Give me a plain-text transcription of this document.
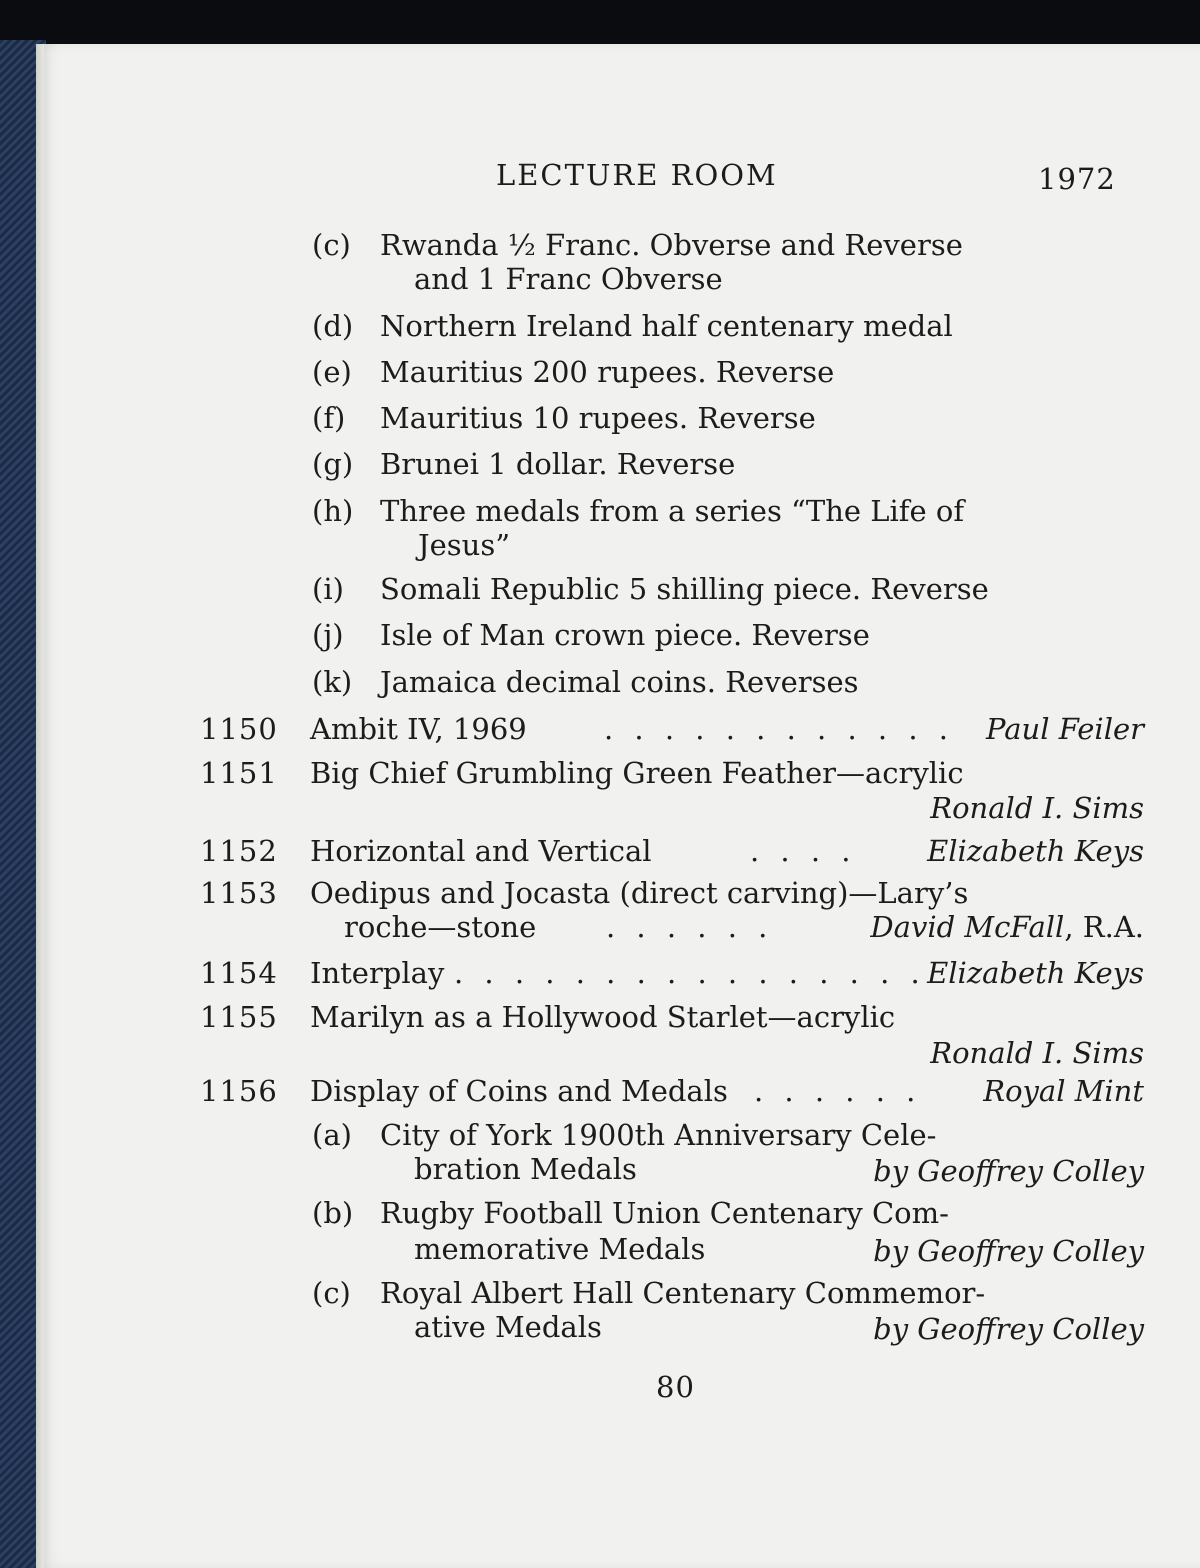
LECTURE ROOM	1972
(c) Rwanda ½ Franc. Obverse and Reverse
and 1 Franc Obverse
(d) Northern Ireland half centenary medal
(e) Mauritius 200 rupees. Reverse
(f) Mauritius 10 rupees. Reverse
(g) Brunei 1 dollar. Reverse
(h) Three medals from a series “The Life of
Jesus”
(i) Somali Republic 5 shilling piece. Reverse
(j) Isle of Man crown piece. Reverse
(k) Jamaica decimal coins. Reverses
1150 Ambit IV, 1969	. . . . . . . . . . . . Paul Feiler
1151 Big Chief Grumbling Green Feather—acrylic
Ronald I. Sims
1152 Horizontal and Vertical	. . . . Elizabeth Keys
1153 Oedipus and Jocasta (direct carving)—Lary’s
roche—stone . . . . . .	David McFall, R.A.
1154 Interplay . . . . . . . . . . . . . . . . Elizabeth Keys
1155 Marilyn as a Hollywood Starlet—acrylic
Ronald I. Sims
1156 Display of Coins and Medals . . . . . . Royal Mint
(a) City of York 1900th Anniversary Cele-
bration Medals	by Geoffrey Colley
(b) Rugby Football Union Centenary Com-
memorative Medals	by Geoffrey Colley
(c) Royal Albert Hall Centenary Commemor-
ative Medals	by Geoffrey Colley
80
